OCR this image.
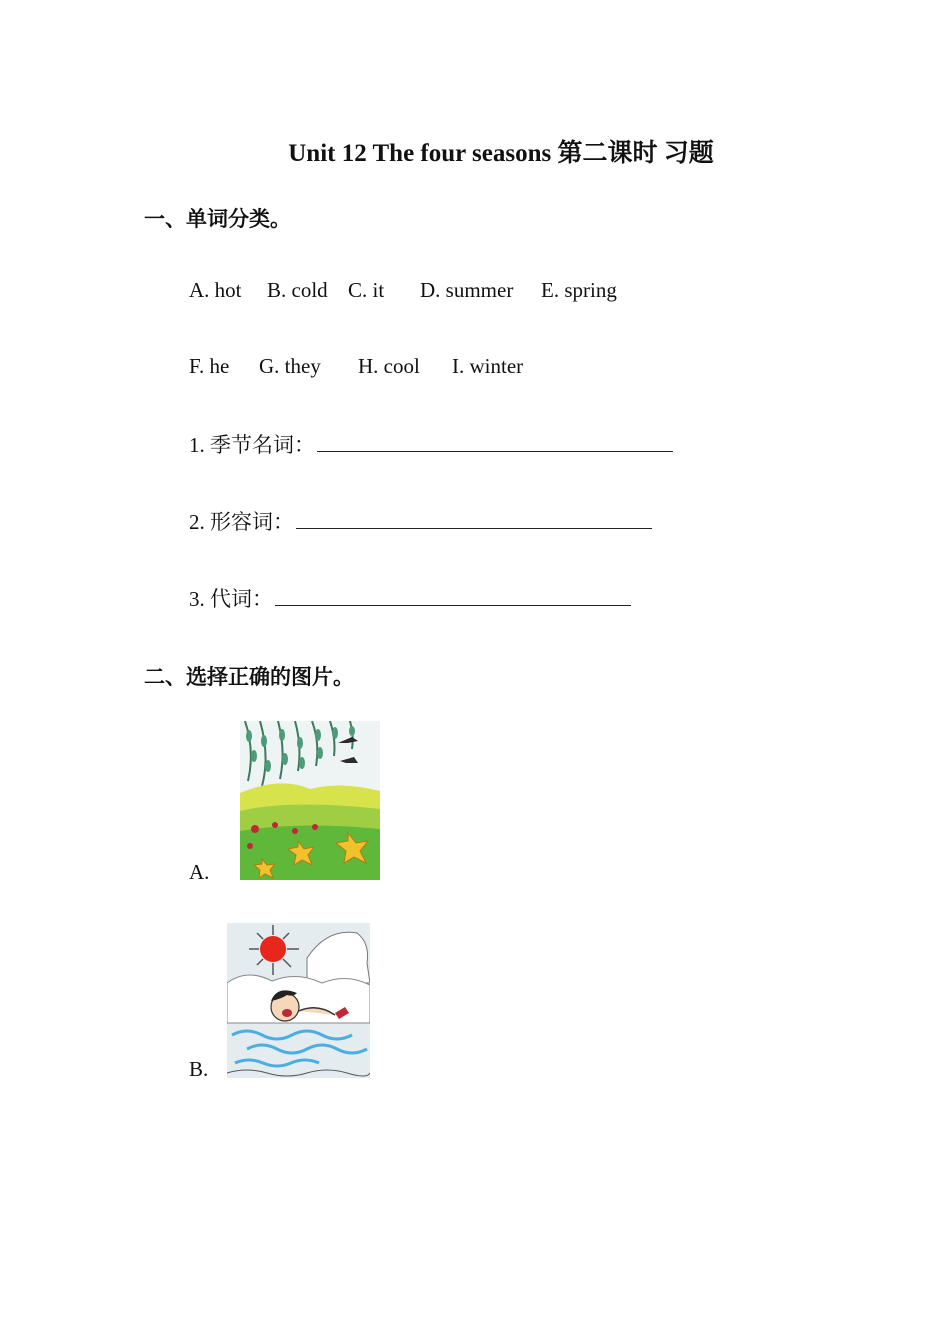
Unit 12 The four seasons 第二课时 习题
一、单词分类。
A. hot B. cold C. it D. summer E. spring
F. he G. they H. cool I. winter
1. 季节名词：
2. 形容词：
3. 代词：
二、选择正确的图片。
A.
B.
